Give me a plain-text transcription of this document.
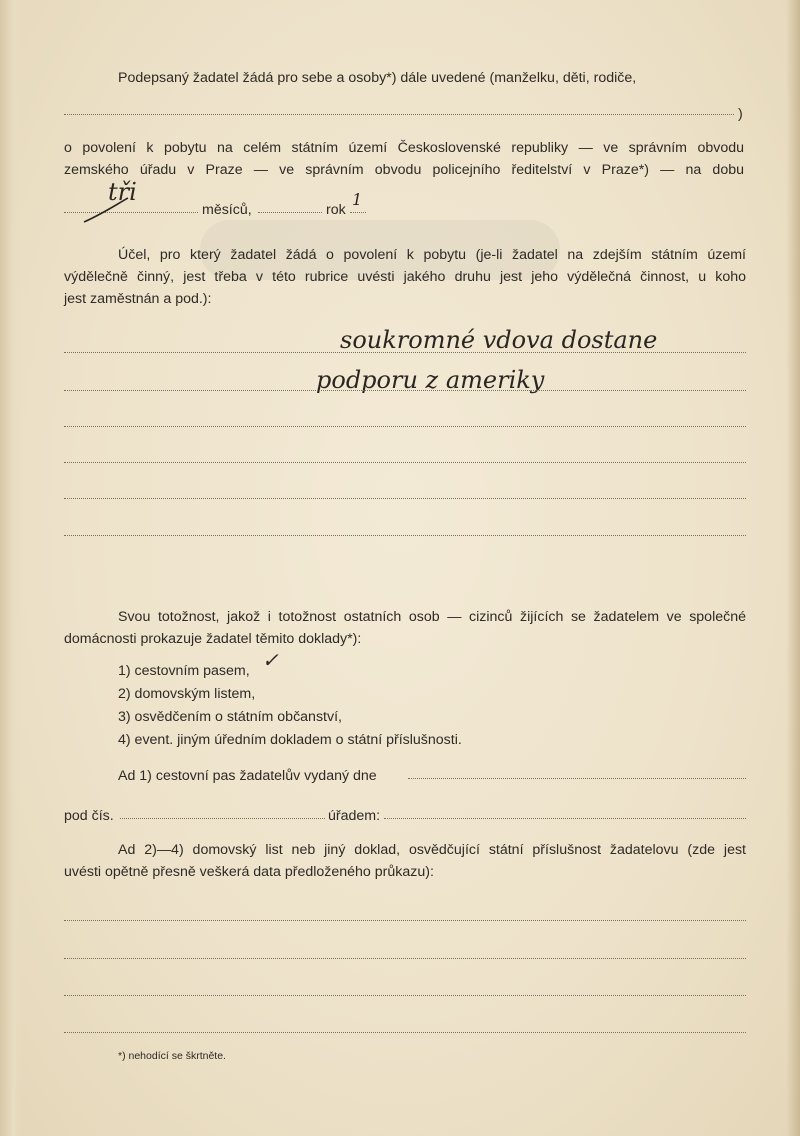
Podepsaný žadatel žádá pro sebe a osoby*) dále uvedené (manželku, děti, rodiče,
)
o povolení k pobytu na celém státním území Československé republiky — ve správním obvodu
zemského úřadu v Praze — ve správním obvodu policejního ředitelství v Praze*) — na dobu
tři
měsíců,	rok
1
Účel, pro který žadatel žádá o povolení k pobytu (je-li žadatel na zdejším státním území
výdělečně činný, jest třeba v této rubrice uvésti jakého druhu jest jeho výdělečná činnost, u koho
jest zaměstnán a pod.):
soukromné vdova dostane
podporu z ameriky
Svou totožnost, jakož i totožnost ostatních osob — cizinců žijících se žadatelem ve společné
domácnosti prokazuje žadatel těmito doklady*):
1) cestovním pasem, ✓
2) domovským listem,
3) osvědčením o státním občanství,
4) event. jiným úředním dokladem o státní příslušnosti.
Ad 1) cestovní pas žadatelův vydaný dne
pod čís.	úřadem:
Ad 2)—4) domovský list neb jiný doklad, osvědčující státní příslušnost žadatelovu (zde jest
uvésti opětně přesně veškerá data předloženého průkazu):
*) nehodící se škrtněte.
